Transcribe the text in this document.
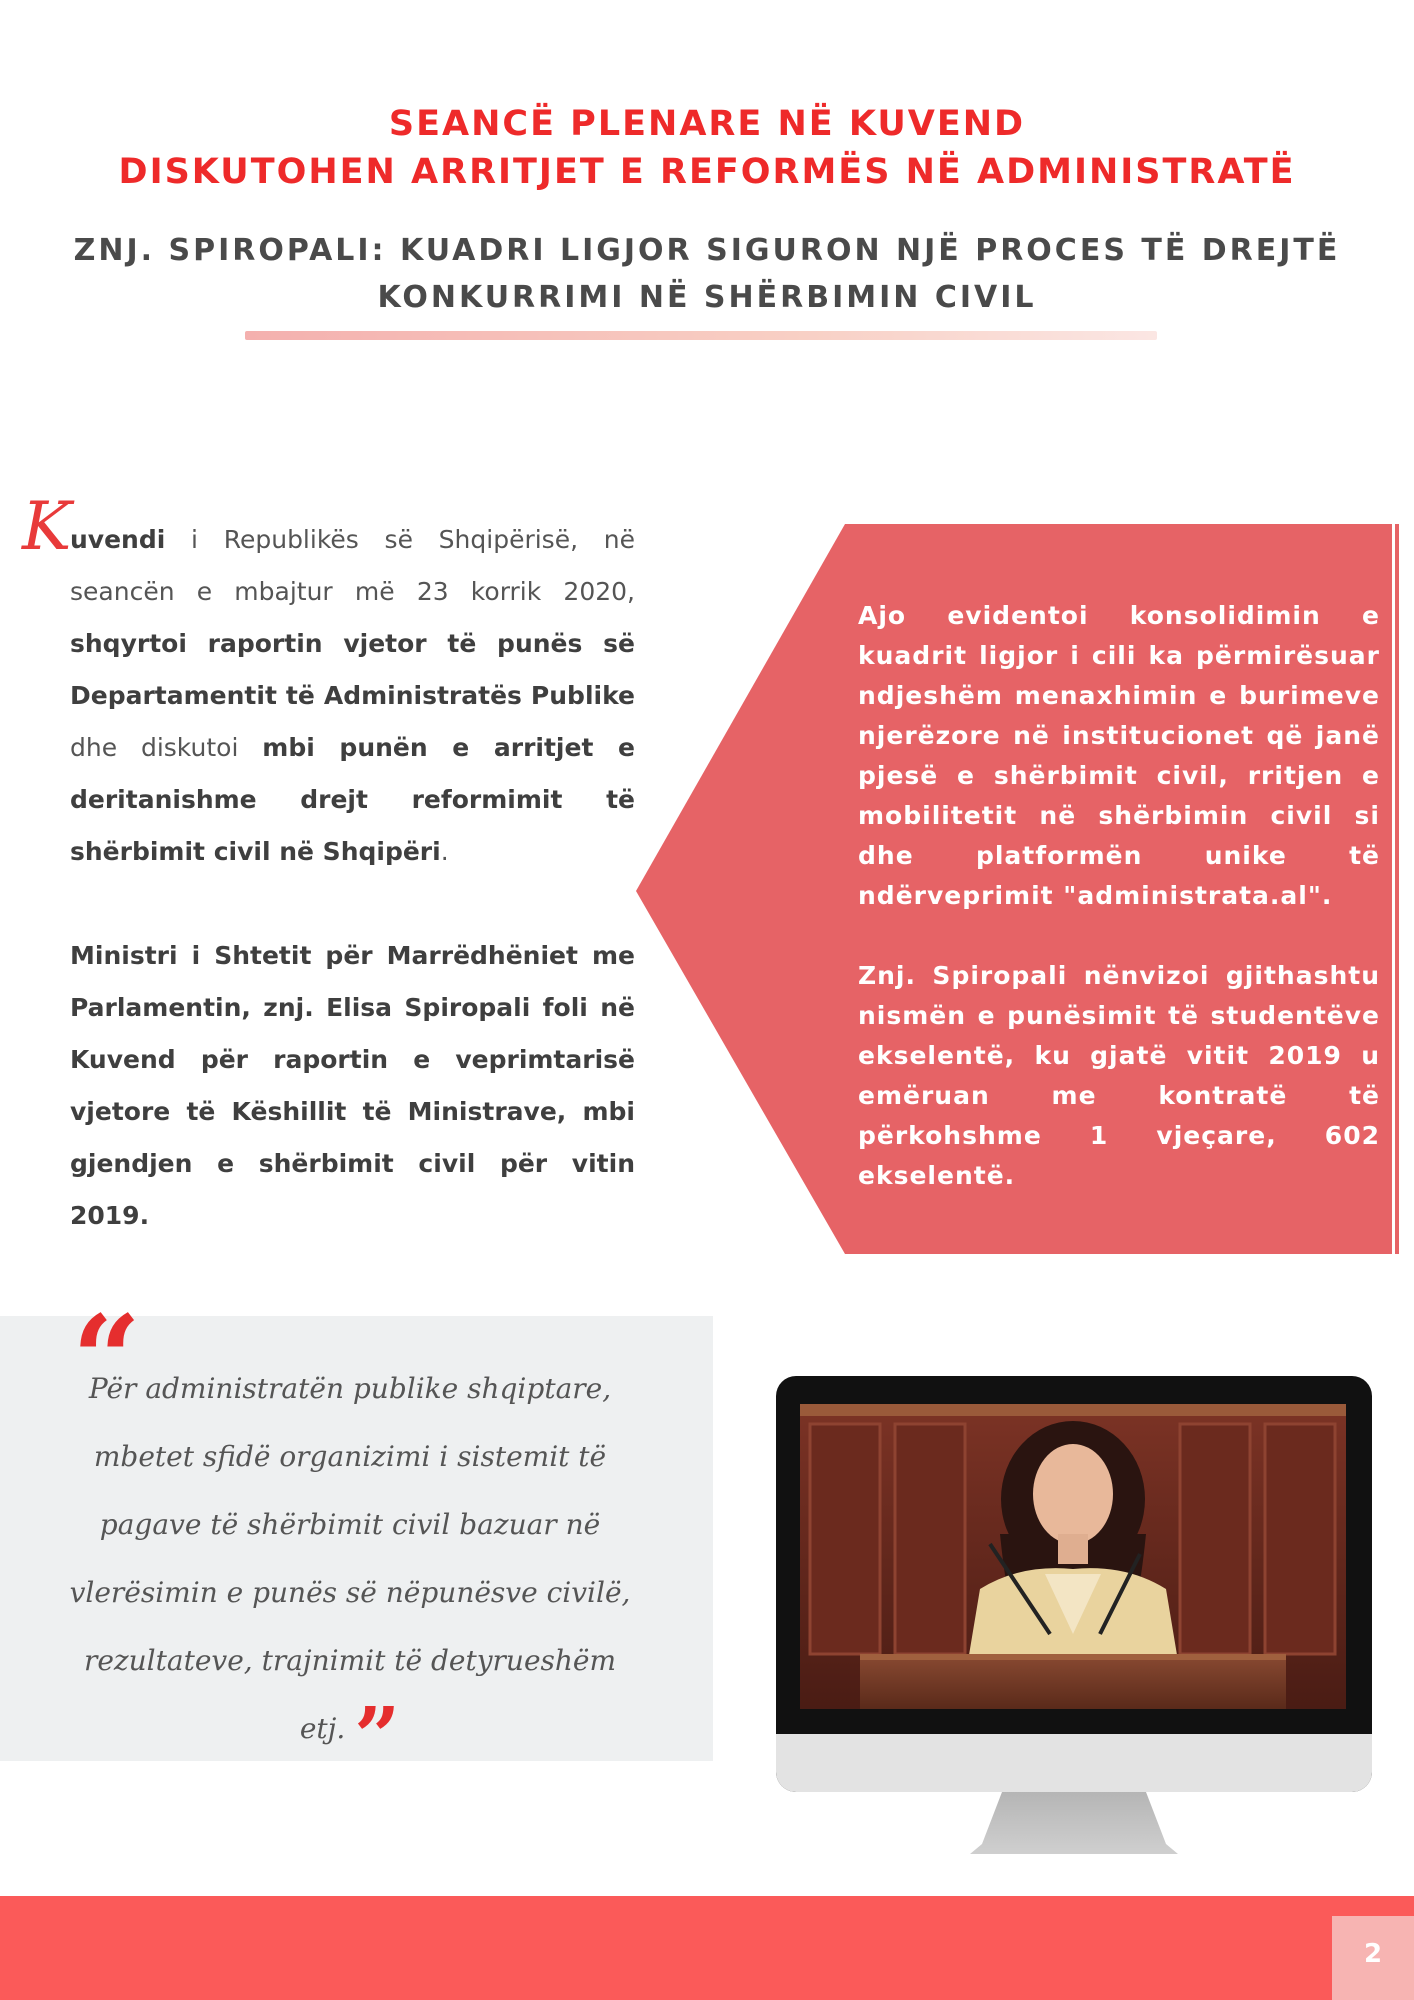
SEANCË PLENARE NË KUVEND
DISKUTOHEN ARRITJET E REFORMËS NË ADMINISTRATË
ZNJ. SPIROPALI: KUADRI LIGJOR SIGURON NJË PROCES TË DREJTË
KONKURRIMI NË SHËRBIMIN CIVIL
K

uvendi i Republikës së Shqipërisë, në seancën e mbajtur më 23 korrik 2020, shqyrtoi raportin vjetor të punës së Departamentit të Administratës Publike dhe diskutoi mbi punën e arritjet e deritanishme drejt reformimit të shërbimit civil në Shqipëri.

Ministri i Shtetit për Marrëdhëniet me Parlamentin, znj. Elisa Spiropali foli në Kuvend për raportin e veprimtarisë vjetore të Këshillit të Ministrave, mbi gjendjen e shërbimit civil për vitin 2019.

Ajo evidentoi konsolidimin e kuadrit ligjor i cili ka përmirësuar ndjeshëm menaxhimin e burimeve njerëzore në institucionet që janë pjesë e shërbimit civil, rritjen e mobilitetit në shërbimin civil si dhe platformën unike të ndërveprimit "administrata.al".

Znj. Spiropali nënvizoi gjithashtu nismën e punësimit të studentëve ekselentë, ku gjatë vitit 2019 u emëruan me kontratë të përkohshme 1 vjeçare, 602 ekselentë.

“
Për administratën publike shqiptare, mbetet sfidë organizimi i sistemit të pagave të shërbimit civil bazuar në vlerësimin e punës së nëpunësve civilë, rezultateve, trajnimit të detyrueshëm etj. ”
2
